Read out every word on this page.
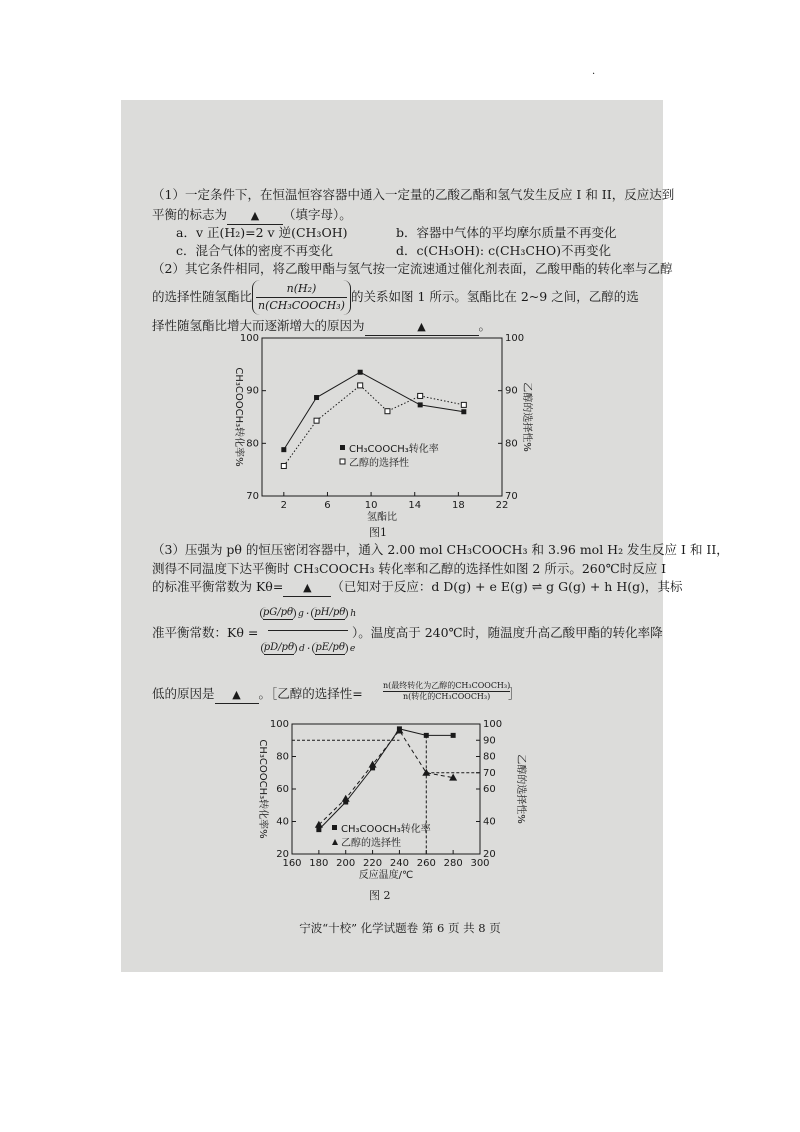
.
（1）一定条件下，在恒温恒容容器中通入一定量的乙酸乙酯和氢气发生反应 I 和 II，反应达到
平衡的标志为 ▲ （填字母）。
a．v 正(H₂)=2 v 逆(CH₃OH)	b．容器中气体的平均摩尔质量不再变化
c．混合气体的密度不再变化	d．c(CH₃OH): c(CH₃CHO)不再变化
（2）其它条件相同，将乙酸甲酯与氢气按一定流速通过催化剂表面，乙酸甲酯的转化率与乙醇
的选择性随氢酯比 $\frac{\text{n(H₂)}}{\text{n(CH₃COOCH₃)}}$ 的关系如图 1 所示。氢酯比在 2~9 之间，乙醇的选
择性随氢酯比增大而逐渐增大的原因为	▲	。
2	6	10	14	18	22
70
80
90
100
70
80
90
100
氢酯比
CH₃COOCH₃转化率%	乙醇的选择性%
CH₃COOCH₃转化率
乙醇的选择性
图1
（3）压强为 pθ 的恒压密闭容器中，通入 2.00 mol CH₃COOCH₃ 和 3.96 mol H₂ 发生反应 I 和 II，
测得不同温度下达平衡时 CH₃COOCH₃ 转化率和乙醇的选择性如图 2 所示。260℃时反应 I
的标准平衡常数为 Kθ= ▲ （已知对于反应：d D(g) + e E(g) ⇌ g G(g) + h H(g)，其标
准平衡常数：Kθ =
pG/pθ g · pH/pθ h
pD/pθ d · pE/pθ e
）。温度高于 240℃时，随温度升高乙酸甲酯的转化率降
低的原因是 ▲ 。［乙醇的选择性=
n(最终转化为乙醇的CH₃COOCH₃)
n(转化的CH₃COOCH₃)	］
160 180 200 220 240 260 280 300
20
40
60
80
100
20
40
60
70
80
90
100
反应温度/℃
CH₃COOCH₃转化率%	乙醇的选择性%
CH₃COOCH₃转化率
乙醇的选择性
图 2
宁波“十校” 化学试题卷 第 6 页 共 8 页
